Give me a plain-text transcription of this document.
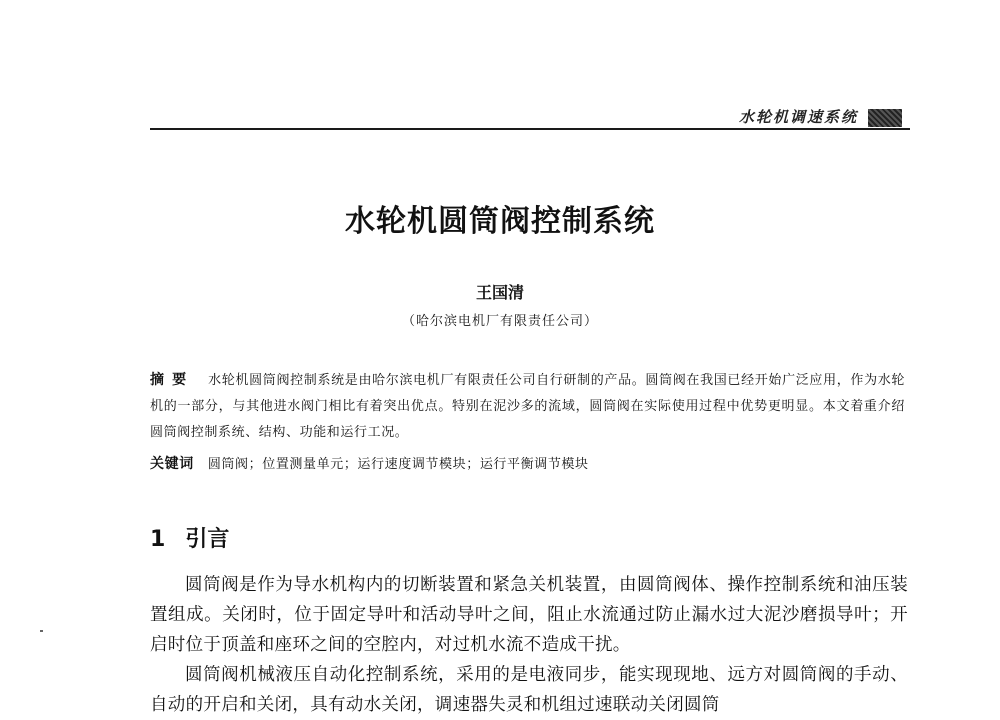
水轮机调速系统
水轮机圆筒阀控制系统
王国清
（哈尔滨电机厂有限责任公司）
摘要 水轮机圆筒阀控制系统是由哈尔滨电机厂有限责任公司自行研制的产品。圆筒阀在我国已经开始广泛应用，作为水轮机的一部分，与其他进水阀门相比有着突出优点。特别在泥沙多的流域，圆筒阀在实际使用过程中优势更明显。本文着重介绍圆筒阀控制系统、结构、功能和运行工况。
关键词 圆筒阀；位置测量单元；运行速度调节模块；运行平衡调节模块
1 引言

圆筒阀是作为导水机构内的切断装置和紧急关机装置，由圆筒阀体、操作控制系统和油压装置组成。关闭时，位于固定导叶和活动导叶之间，阻止水流通过防止漏水过大泥沙磨损导叶；开启时位于顶盖和座环之间的空腔内，对过机水流不造成干扰。

圆筒阀机械液压自动化控制系统，采用的是电液同步，能实现现地、远方对圆筒阀的手动、自动的开启和关闭，具有动水关闭，调速器失灵和机组过速联动关闭圆筒
